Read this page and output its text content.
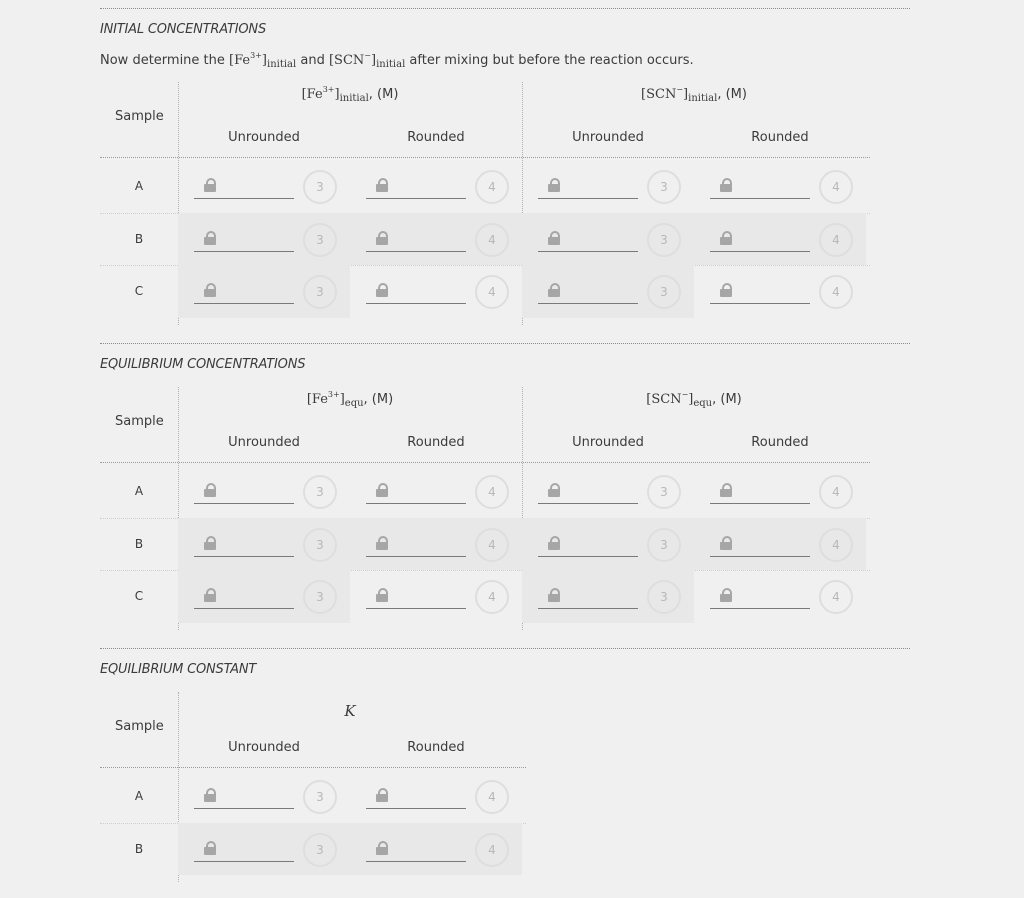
INITIAL CONCENTRATIONS
Now determine the $[Fe^{3+}]_{initial}$ and $[SCN^-]_{initial}$ after mixing but before the reaction occurs.
Sample
$[Fe^{3+}]_{initial}$, (M)
Unrounded	Rounded
$[SCN^-]_{initial}$, (M)
Unrounded	Rounded
A	3	4	3	4
B	3	4	3	4
C	3	4	3	4
EQUILIBRIUM CONCENTRATIONS
Sample
$[Fe^{3+}]_{equ}$, (M)
Unrounded	Rounded
$[SCN^-]_{equ}$, (M)
Unrounded	Rounded
A	3	4	3	4
B	3	4	3	4
C	3	4	3	4
EQUILIBRIUM CONSTANT
Sample
K
Unrounded	Rounded
A	3	4
B	3	4
